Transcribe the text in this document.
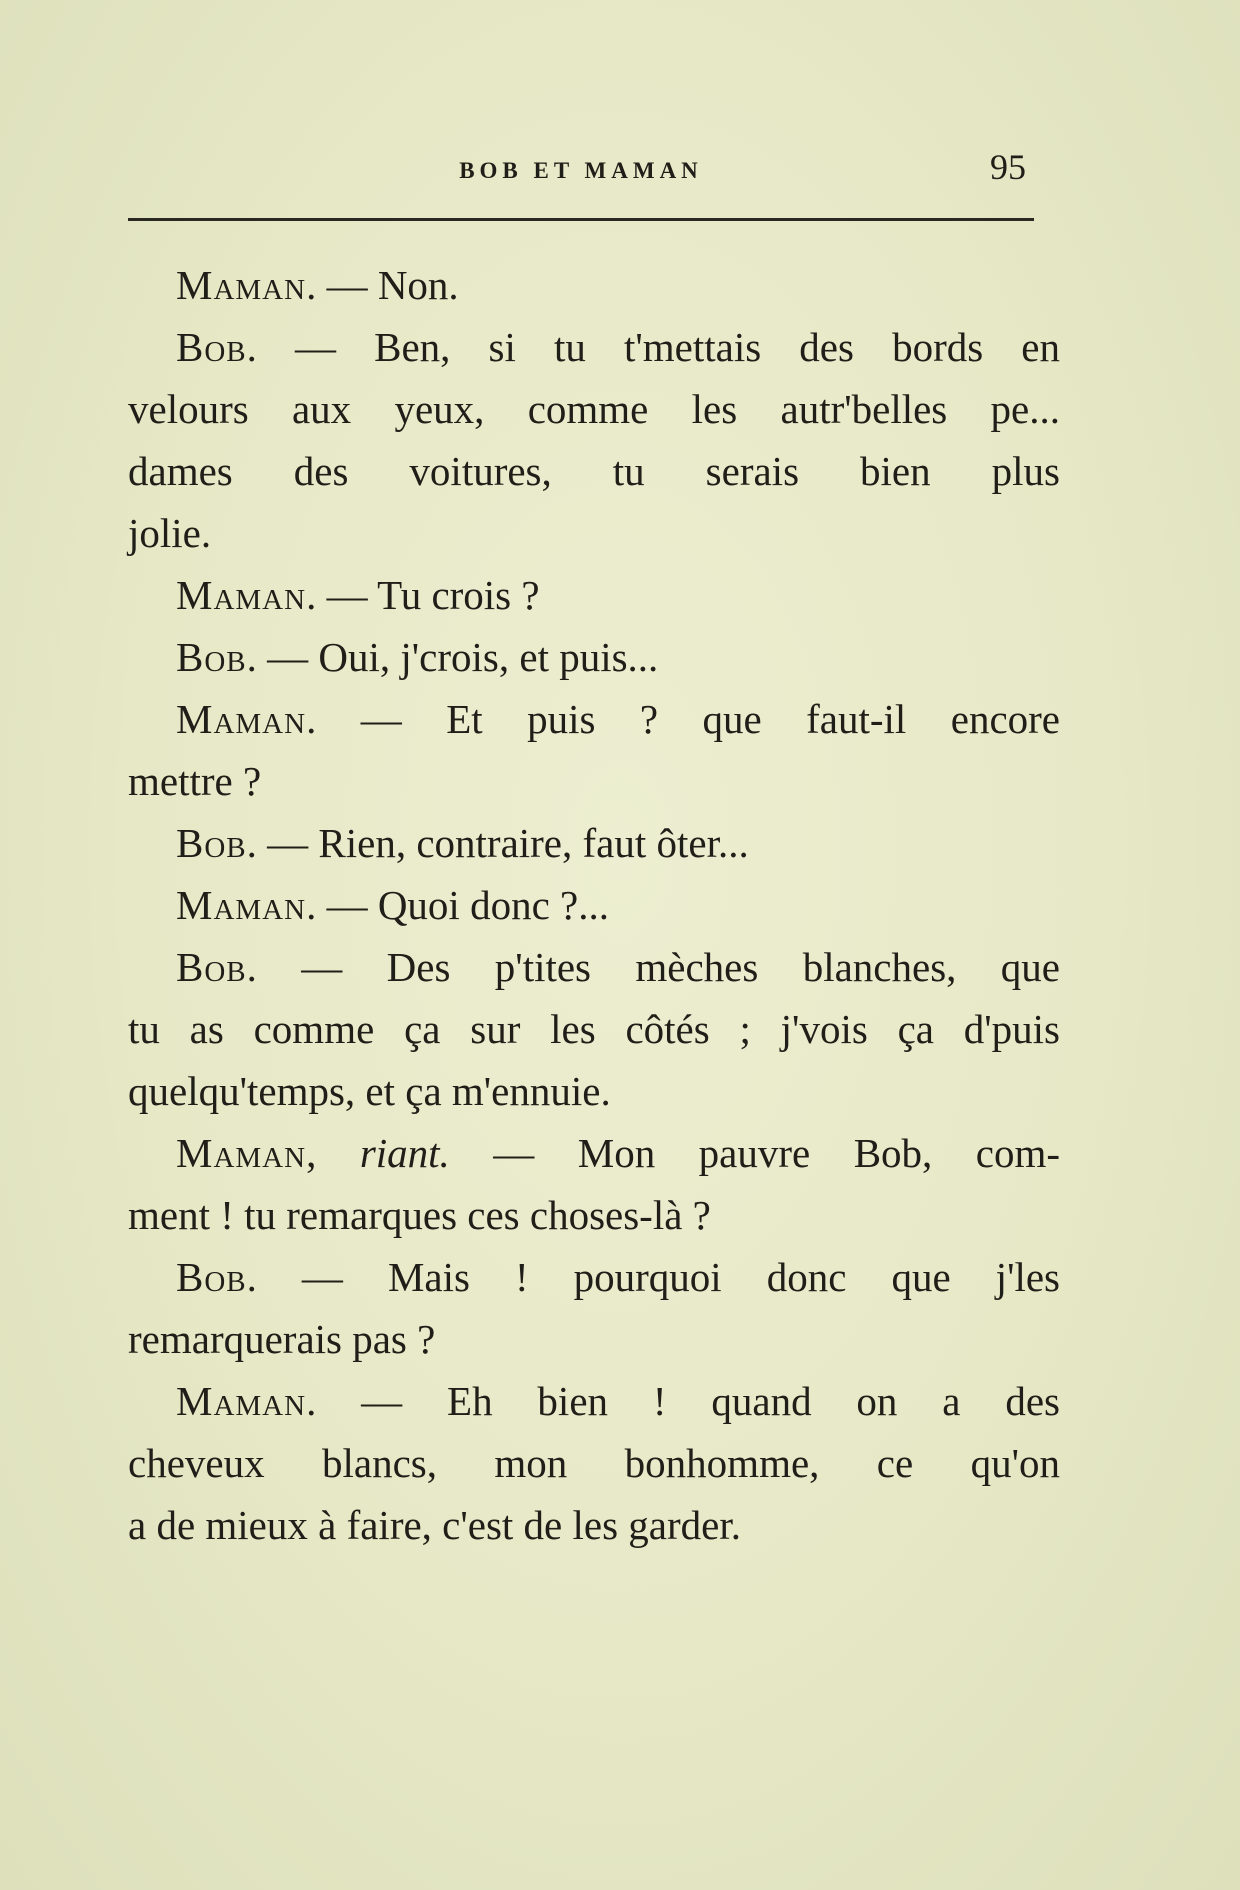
BOB ET MAMAN	95
Maman. — Non.
Bob. — Ben, si tu t'mettais des bords en
velours aux yeux, comme les autr'belles pe...
dames des voitures, tu serais bien plus
jolie.
Maman. — Tu crois ?
Bob. — Oui, j'crois, et puis...
Maman. — Et puis ? que faut-il encore
mettre ?
Bob. — Rien, contraire, faut ôter...
Maman. — Quoi donc ?...
Bob. — Des p'tites mèches blanches, que
tu as comme ça sur les côtés ; j'vois ça d'puis
quelqu'temps, et ça m'ennuie.
Maman, riant. — Mon pauvre Bob, com-
ment ! tu remarques ces choses-là ?
Bob. — Mais ! pourquoi donc que j'les
remarquerais pas ?
Maman. — Eh bien ! quand on a des
cheveux blancs, mon bonhomme, ce qu'on
a de mieux à faire, c'est de les garder.
